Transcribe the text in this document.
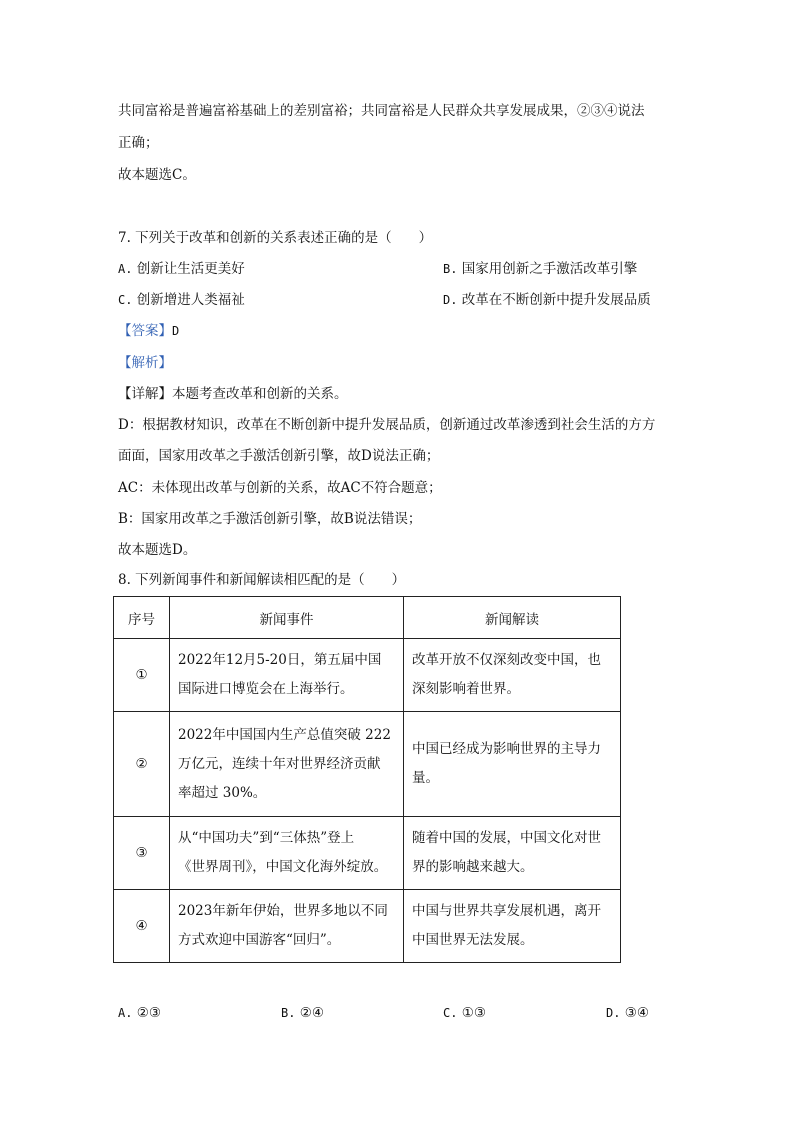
共同富裕是普遍富裕基础上的差别富裕；共同富裕是人民群众共享发展成果，②③④说法
正确；
故本题选C。
7. 下列关于改革和创新的关系表述正确的是（　　）
A. 创新让生活更美好	B. 国家用创新之手激活改革引擎
C. 创新增进人类福祉	D. 改革在不断创新中提升发展品质
【答案】D
【解析】
【详解】本题考查改革和创新的关系。
D：根据教材知识，改革在不断创新中提升发展品质，创新通过改革渗透到社会生活的方方
面面，国家用改革之手激活创新引擎，故D说法正确；
AC：未体现出改革与创新的关系，故AC不符合题意；
B：国家用改革之手激活创新引擎，故B说法错误；
故本题选D。
8. 下列新闻事件和新闻解读相匹配的是（　　）
序号	新闻事件	新闻解读
①	2022年12月5-20日，第五届中国
国际进口博览会在上海举行。	改革开放不仅深刻改变中国，也
深刻影响着世界。

②	2022年中国国内生产总值突破 222
万亿元，连续十年对世界经济贡献
率超过 30%。	中国已经成为影响世界的主导力
量。

③	从“中国功夫”到“三体热”登上
《世界周刊》，中国文化海外绽放。	随着中国的发展，中国文化对世
界的影响越来越大。

④	2023年新年伊始，世界多地以不同
方式欢迎中国游客“回归”。	中国与世界共享发展机遇，离开
中国世界无法发展。
A. ②③	B. ②④	C. ①③	D. ③④
